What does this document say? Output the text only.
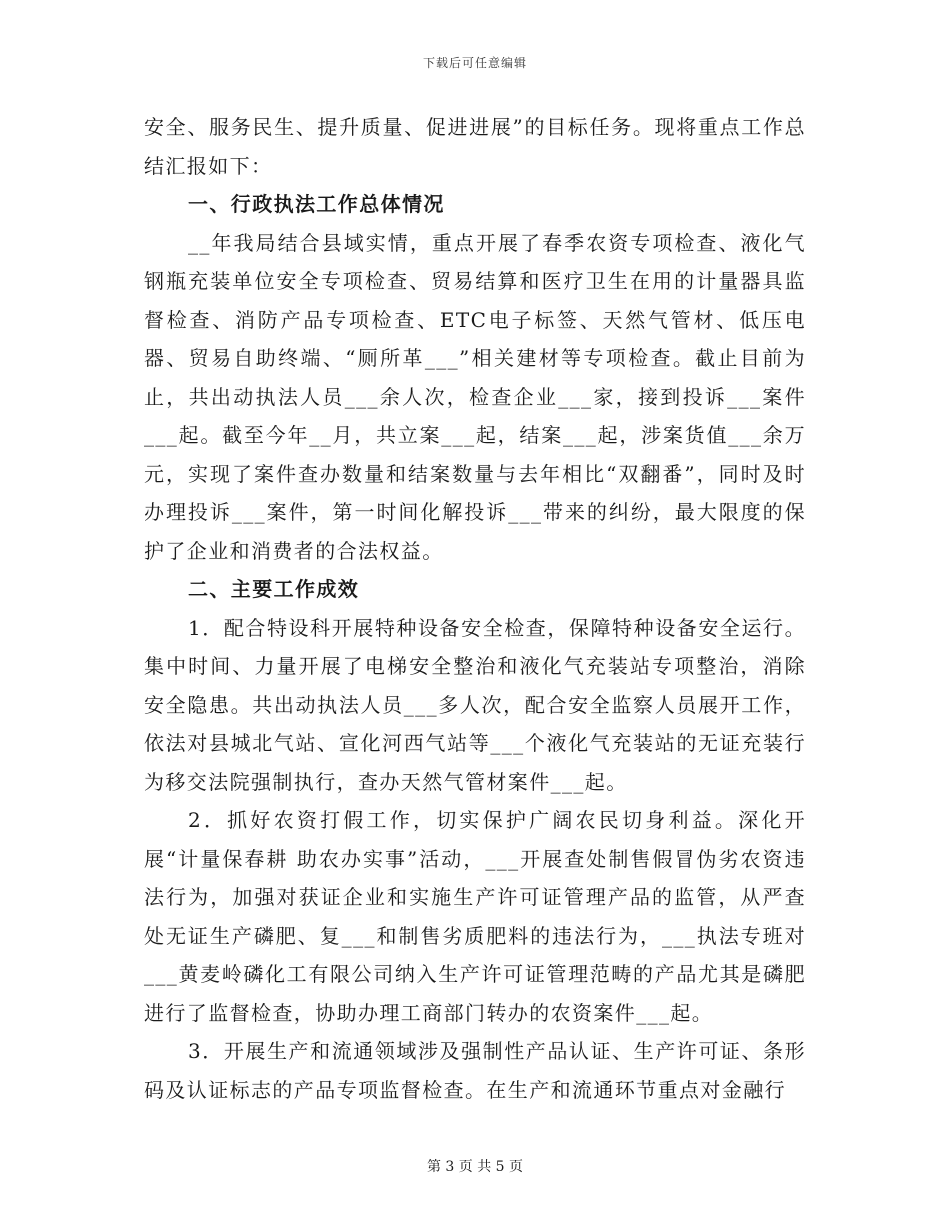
下载后可任意编辑

安全、服务民生、提升质量、促进进展”的目标任务。现将重点工作总结汇报如下：

一、行政执法工作总体情况

__年我局结合县域实情，重点开展了春季农资专项检查、液化气钢瓶充装单位安全专项检查、贸易结算和医疗卫生在用的计量器具监督检查、消防产品专项检查、ETC电子标签、天然气管材、低压电器、贸易自助终端、“厕所革___”相关建材等专项检查。截止目前为止，共出动执法人员___余人次，检查企业___家，接到投诉___案件___起。截至今年__月，共立案___起，结案___起，涉案货值___余万元，实现了案件查办数量和结案数量与去年相比“双翻番”，同时及时办理投诉___案件，第一时间化解投诉___带来的纠纷，最大限度的保护了企业和消费者的合法权益。

二、主要工作成效

1．配合特设科开展特种设备安全检查，保障特种设备安全运行。集中时间、力量开展了电梯安全整治和液化气充装站专项整治，消除安全隐患。共出动执法人员___多人次，配合安全监察人员展开工作，依法对县城北气站、宣化河西气站等___个液化气充装站的无证充装行为移交法院强制执行，查办天然气管材案件___起。

2．抓好农资打假工作，切实保护广阔农民切身利益。深化开展“计量保春耕 助农办实事”活动，___开展查处制售假冒伪劣农资违法行为，加强对获证企业和实施生产许可证管理产品的监管，从严查处无证生产磷肥、复___和制售劣质肥料的违法行为，___执法专班对___黄麦岭磷化工有限公司纳入生产许可证管理范畴的产品尤其是磷肥进行了监督检查，协助办理工商部门转办的农资案件___起。

3．开展生产和流通领域涉及强制性产品认证、生产许可证、条形码及认证标志的产品专项监督检查。在生产和流通环节重点对金融行

第 3 页 共 5 页
